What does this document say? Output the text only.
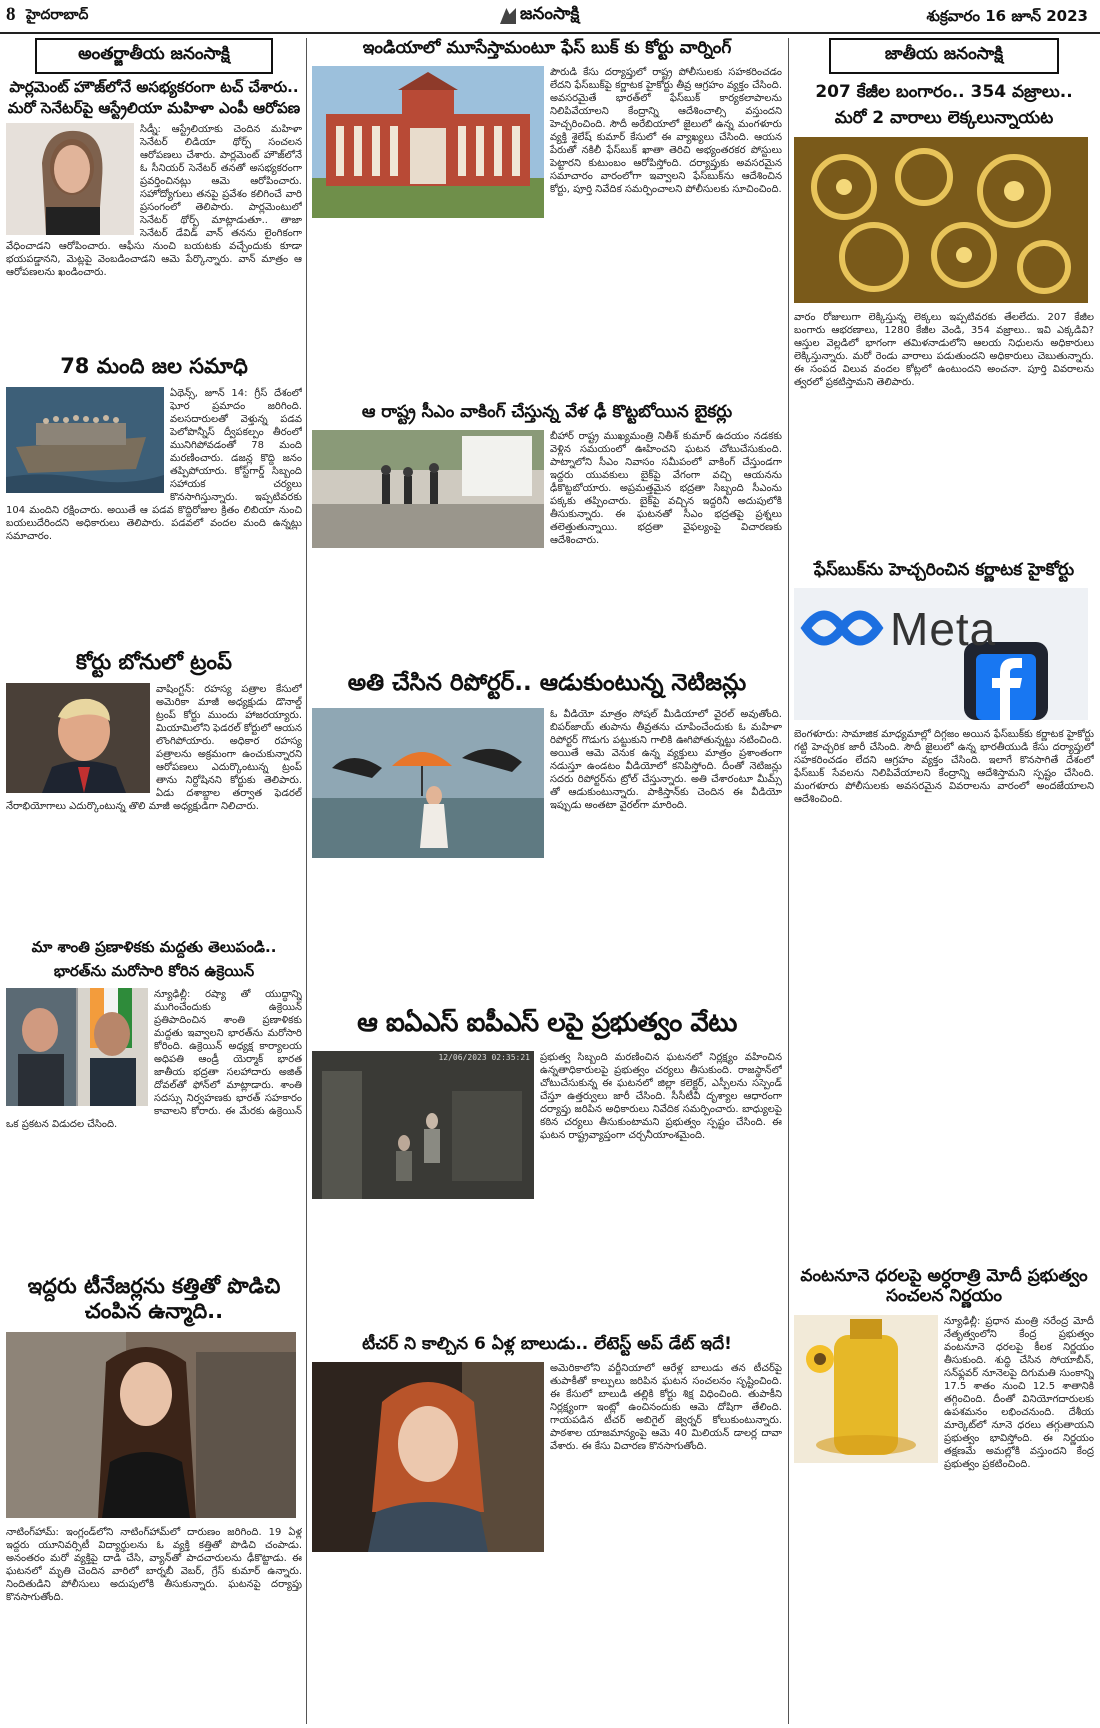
8 హైదరాబాద్	జనంసాక్షి	శుక్రవారం 16 జూన్ 2023
అంతర్జాతీయ జనంసాక్షి
పార్లమెంట్ హౌజ్‌లోనే అసభ్యకరంగా టచ్ చేశారు..
మరో సెనేటర్‌పై ఆస్ట్రేలియా మహిళా ఎంపీ ఆరోపణ
సిడ్నీ: ఆస్ట్రేలియాకు చెందిన మహిళా సెనేటర్ లిడియా థోర్ప్‌ సంచలన ఆరోపణలు చేశారు. పార్లమెంట్ హౌజ్‌లోనే ఓ సీనియర్ సెనేటర్ తనతో అసభ్యకరంగా ప్రవర్తించినట్లు ఆమె ఆరోపించారు. సహోద్యోగులు తనపై ప్రవేశం కలిగించే వారి ప్రసంగంలో తెలిపారు. పార్లమెంటులో సెనేటర్ థోర్ప్ మాట్లాడుతూ.. తాజా సెనేటర్ డేవిడ్ వాన్ తనను లైంగికంగా వేధించాడని ఆరోపించారు. ఆఫీసు నుంచి బయటకు వచ్చేందుకు కూడా భయపడ్డానని, మెట్లపై వెంబడించాడని ఆమె పేర్కొన్నారు. వాన్ మాత్రం ఆ ఆరోపణలను ఖండించారు.
78 మంది జల సమాధి
ఏథెన్స్, జూన్ 14: గ్రీస్ దేశంలో ఘోర ప్రమాదం జరిగింది. వలసదారులతో వెళ్తున్న పడవ పెలోపొన్నీస్ ద్వీపకల్పం తీరంలో మునిగిపోవడంతో 78 మంది మరణించారు. డజన్ల కొద్ది జనం తప్పిపోయారు. కోస్ట్‌గార్డ్ సిబ్బంది సహాయక చర్యలు కొనసాగిస్తున్నారు. ఇప్పటివరకు 104 మందిని రక్షించారు. అయితే ఆ పడవ కొద్దిరోజుల క్రితం లిబియా నుంచి బయలుదేరిందని అధికారులు తెలిపారు. పడవలో వందల మంది ఉన్నట్లు సమాచారం.
కోర్టు బోనులో ట్రంప్
వాషింగ్టన్: రహస్య పత్రాల కేసులో అమెరికా మాజీ అధ్యక్షుడు డొనాల్డ్ ట్రంప్ కోర్టు ముందు హాజరయ్యారు. మియామిలోని ఫెడరల్ కోర్టులో ఆయన లొంగిపోయారు. అధికార రహస్య పత్రాలను అక్రమంగా ఉంచుకున్నారని ఆరోపణలు ఎదుర్కొంటున్న ట్రంప్ తాను నిర్దోషినని కోర్టుకు తెలిపారు. ఏడు దశాబ్దాల తర్వాత ఫెడరల్ నేరాభియోగాలు ఎదుర్కొంటున్న తొలి మాజీ అధ్యక్షుడిగా నిలిచారు.
మా శాంతి ప్రణాళికకు మద్దతు తెలుపండి..
భారత్‌ను మరోసారి కోరిన ఉక్రెయిన్
న్యూఢిల్లీ: రష్యా తో యుద్ధాన్ని ముగించేందుకు ఉక్రెయిన్ ప్రతిపాదించిన శాంతి ప్రణాళికకు మద్దతు ఇవ్వాలని భారత్‌ను మరోసారి కోరింది. ఉక్రెయిన్ అధ్యక్ష కార్యాలయ అధిపతి ఆండ్రీ యెర్మాక్ భారత జాతీయ భద్రతా సలహాదారు అజిత్ దోవల్‌తో ఫోన్‌లో మాట్లాడారు. శాంతి సదస్సు నిర్వహణకు భారత్ సహకారం కావాలని కోరారు. ఈ మేరకు ఉక్రెయిన్ ఒక ప్రకటన విడుదల చేసింది.
ఇద్దరు టీనేజర్లను కత్తితో పొడిచి చంపిన ఉన్మాది..
నాటింగ్‌హామ్: ఇంగ్లండ్‌లోని నాటింగ్‌హామ్‌లో దారుణం జరిగింది. 19 ఏళ్ల ఇద్దరు యూనివర్సిటీ విద్యార్థులను ఓ వ్యక్తి కత్తితో పొడిచి చంపాడు. అనంతరం మరో వ్యక్తిపై దాడి చేసి, వ్యాన్‌తో పాదచారులను ఢీకొట్టాడు. ఈ ఘటనలో మృతి చెందిన వారిలో బార్నబీ వెబర్, గ్రేస్ కుమార్ ఉన్నారు. నిందితుడిని పోలీసులు అదుపులోకి తీసుకున్నారు. ఘటనపై దర్యాప్తు కొనసాగుతోంది.
ఇండియాలో మూసేస్తామంటూ ఫేస్ బుక్ కు కోర్టు వార్నింగ్
పౌరుడి కేసు దర్యాప్తులో రాష్ట్ర పోలీసులకు సహకరించడం లేదని ఫేస్‌బుక్‌పై కర్ణాటక హైకోర్టు తీవ్ర ఆగ్రహం వ్యక్తం చేసింది. అవసరమైతే భారత్‌లో ఫేస్‌బుక్ కార్యకలాపాలను నిలిపివేయాలని కేంద్రాన్ని ఆదేశించాల్సి వస్తుందని హెచ్చరించింది. సౌదీ అరేబియాలో జైలులో ఉన్న మంగళూరు వ్యక్తి శైలేష్ కుమార్ కేసులో ఈ వ్యాఖ్యలు చేసింది. ఆయన పేరుతో నకిలీ ఫేస్‌బుక్ ఖాతా తెరిచి అభ్యంతరకర పోస్టులు పెట్టారని కుటుంబం ఆరోపిస్తోంది. దర్యాప్తుకు అవసరమైన సమాచారం వారంలోగా ఇవ్వాలని ఫేస్‌బుక్‌ను ఆదేశించిన కోర్టు, పూర్తి నివేదిక సమర్పించాలని పోలీసులకు సూచించింది.
ఆ రాష్ట్ర సీఎం వాకింగ్ చేస్తున్న వేళ ఢీ కొట్టబోయిన బైకర్లు
బీహార్ రాష్ట్ర ముఖ్యమంత్రి నితీశ్ కుమార్ ఉదయం నడకకు వెళ్లిన సమయంలో ఊహించని ఘటన చోటుచేసుకుంది. పాట్నాలోని సీఎం నివాసం సమీపంలో వాకింగ్ చేస్తుండగా ఇద్దరు యువకులు బైక్‌పై వేగంగా వచ్చి ఆయనను ఢీకొట్టబోయారు. అప్రమత్తమైన భద్రతా సిబ్బంది సీఎంను పక్కకు తప్పించారు. బైక్‌పై వచ్చిన ఇద్దరినీ అదుపులోకి తీసుకున్నారు. ఈ ఘటనతో సీఎం భద్రతపై ప్రశ్నలు తలెత్తుతున్నాయి. భద్రతా వైఫల్యంపై విచారణకు ఆదేశించారు.
అతి చేసిన రిపోర్టర్.. ఆడుకుంటున్న నెటిజన్లు
ఓ వీడియో మాత్రం సోషల్ మీడియాలో వైరల్ అవుతోంది. బిపర్‌జాయ్ తుపాను తీవ్రతను చూపించేందుకు ఓ మహిళా రిపోర్టర్ గొడుగు పట్టుకుని గాలికి ఊగిపోతున్నట్టు నటించింది. అయితే ఆమె వెనుక ఉన్న వ్యక్తులు మాత్రం ప్రశాంతంగా నడుస్తూ ఉండటం వీడియోలో కనిపిస్తోంది. దీంతో నెటిజన్లు సదరు రిపోర్టర్‌ను ట్రోల్ చేస్తున్నారు. అతి చేశారంటూ మీమ్స్ తో ఆడుకుంటున్నారు. పాకిస్తాన్‌కు చెందిన ఈ వీడియో ఇప్పుడు అంతటా వైరల్‌గా మారింది.
ఆ ఐఏఎస్ ఐపీఎస్ లపై ప్రభుత్వం వేటు
12/06/2023 02:35:21	ప్రభుత్వ సిబ్బంది మరణించిన ఘటనలో నిర్లక్ష్యం వహించిన ఉన్నతాధికారులపై ప్రభుత్వం చర్యలు తీసుకుంది. రాజస్థాన్‌లో చోటుచేసుకున్న ఈ ఘటనలో జిల్లా కలెక్టర్, ఎస్పీలను సస్పెండ్ చేస్తూ ఉత్తర్వులు జారీ చేసింది. సీసీటీవీ దృశ్యాల ఆధారంగా దర్యాప్తు జరిపిన అధికారులు నివేదిక సమర్పించారు. బాధ్యులపై కఠిన చర్యలు తీసుకుంటామని ప్రభుత్వం స్పష్టం చేసింది. ఈ ఘటన రాష్ట్రవ్యాప్తంగా చర్చనీయాంశమైంది.
టీచర్ ని కాల్చిన 6 ఏళ్ల బాలుడు.. లేటెస్ట్ అప్ డేట్ ఇదే!
అమెరికాలోని వర్జీనియాలో ఆరేళ్ల బాలుడు తన టీచర్‌పై తుపాకీతో కాల్పులు జరిపిన ఘటన సంచలనం సృష్టించింది. ఈ కేసులో బాలుడి తల్లికి కోర్టు శిక్ష విధించింది. తుపాకీని నిర్లక్ష్యంగా ఇంట్లో ఉంచినందుకు ఆమె దోషిగా తేలింది. గాయపడిన టీచర్ అబిగైల్ జ్వెర్నర్ కోలుకుంటున్నారు. పాఠశాల యాజమాన్యంపై ఆమె 40 మిలియన్ డాలర్ల దావా వేశారు. ఈ కేసు విచారణ కొనసాగుతోంది.
జాతీయ జనంసాక్షి
207 కేజీల బంగారం.. 354 వజ్రాలు..
మరో 2 వారాలు లెక్కలున్నాయట
వారం రోజులుగా లెక్కిస్తున్న లెక్కలు ఇప్పటివరకు తేలలేదు. 207 కేజీల బంగారు ఆభరణాలు, 1280 కేజీల వెండి, 354 వజ్రాలు.. ఇవి ఎక్కడివి? ఆస్తుల వెల్లడిలో భాగంగా తమిళనాడులోని ఆలయ నిధులను అధికారులు లెక్కిస్తున్నారు. మరో రెండు వారాలు పడుతుందని అధికారులు చెబుతున్నారు. ఈ సంపద విలువ వందల కోట్లలో ఉంటుందని అంచనా. పూర్తి వివరాలను త్వరలో ప్రకటిస్తామని తెలిపారు.
ఫేస్‌బుక్‌ను హెచ్చరించిన కర్ణాటక హైకోర్టు
Meta
బెంగళూరు: సామాజిక మాధ్యమాల్లో దిగ్గజం అయిన ఫేస్‌బుక్‌కు కర్ణాటక హైకోర్టు గట్టి హెచ్చరిక జారీ చేసింది. సౌదీ జైలులో ఉన్న భారతీయుడి కేసు దర్యాప్తులో సహకరించడం లేదని ఆగ్రహం వ్యక్తం చేసింది. ఇలాగే కొనసాగితే దేశంలో ఫేస్‌బుక్ సేవలను నిలిపివేయాలని కేంద్రాన్ని ఆదేశిస్తామని స్పష్టం చేసింది. మంగళూరు పోలీసులకు అవసరమైన వివరాలను వారంలో అందజేయాలని ఆదేశించింది.
వంటనూనె ధరలపై అర్ధరాత్రి మోదీ ప్రభుత్వం సంచలన నిర్ణయం
న్యూఢిల్లీ: ప్రధాన మంత్రి నరేంద్ర మోదీ నేతృత్వంలోని కేంద్ర ప్రభుత్వం వంటనూనె ధరలపై కీలక నిర్ణయం తీసుకుంది. శుద్ధి చేసిన సోయాబీన్, సన్‌ఫ్లవర్ నూనెలపై దిగుమతి సుంకాన్ని 17.5 శాతం నుంచి 12.5 శాతానికి తగ్గించింది. దీంతో వినియోగదారులకు ఉపశమనం లభించనుంది. దేశీయ మార్కెట్‌లో నూనె ధరలు తగ్గుతాయని ప్రభుత్వం భావిస్తోంది. ఈ నిర్ణయం తక్షణమే అమల్లోకి వస్తుందని కేంద్ర ప్రభుత్వం ప్రకటించింది.
